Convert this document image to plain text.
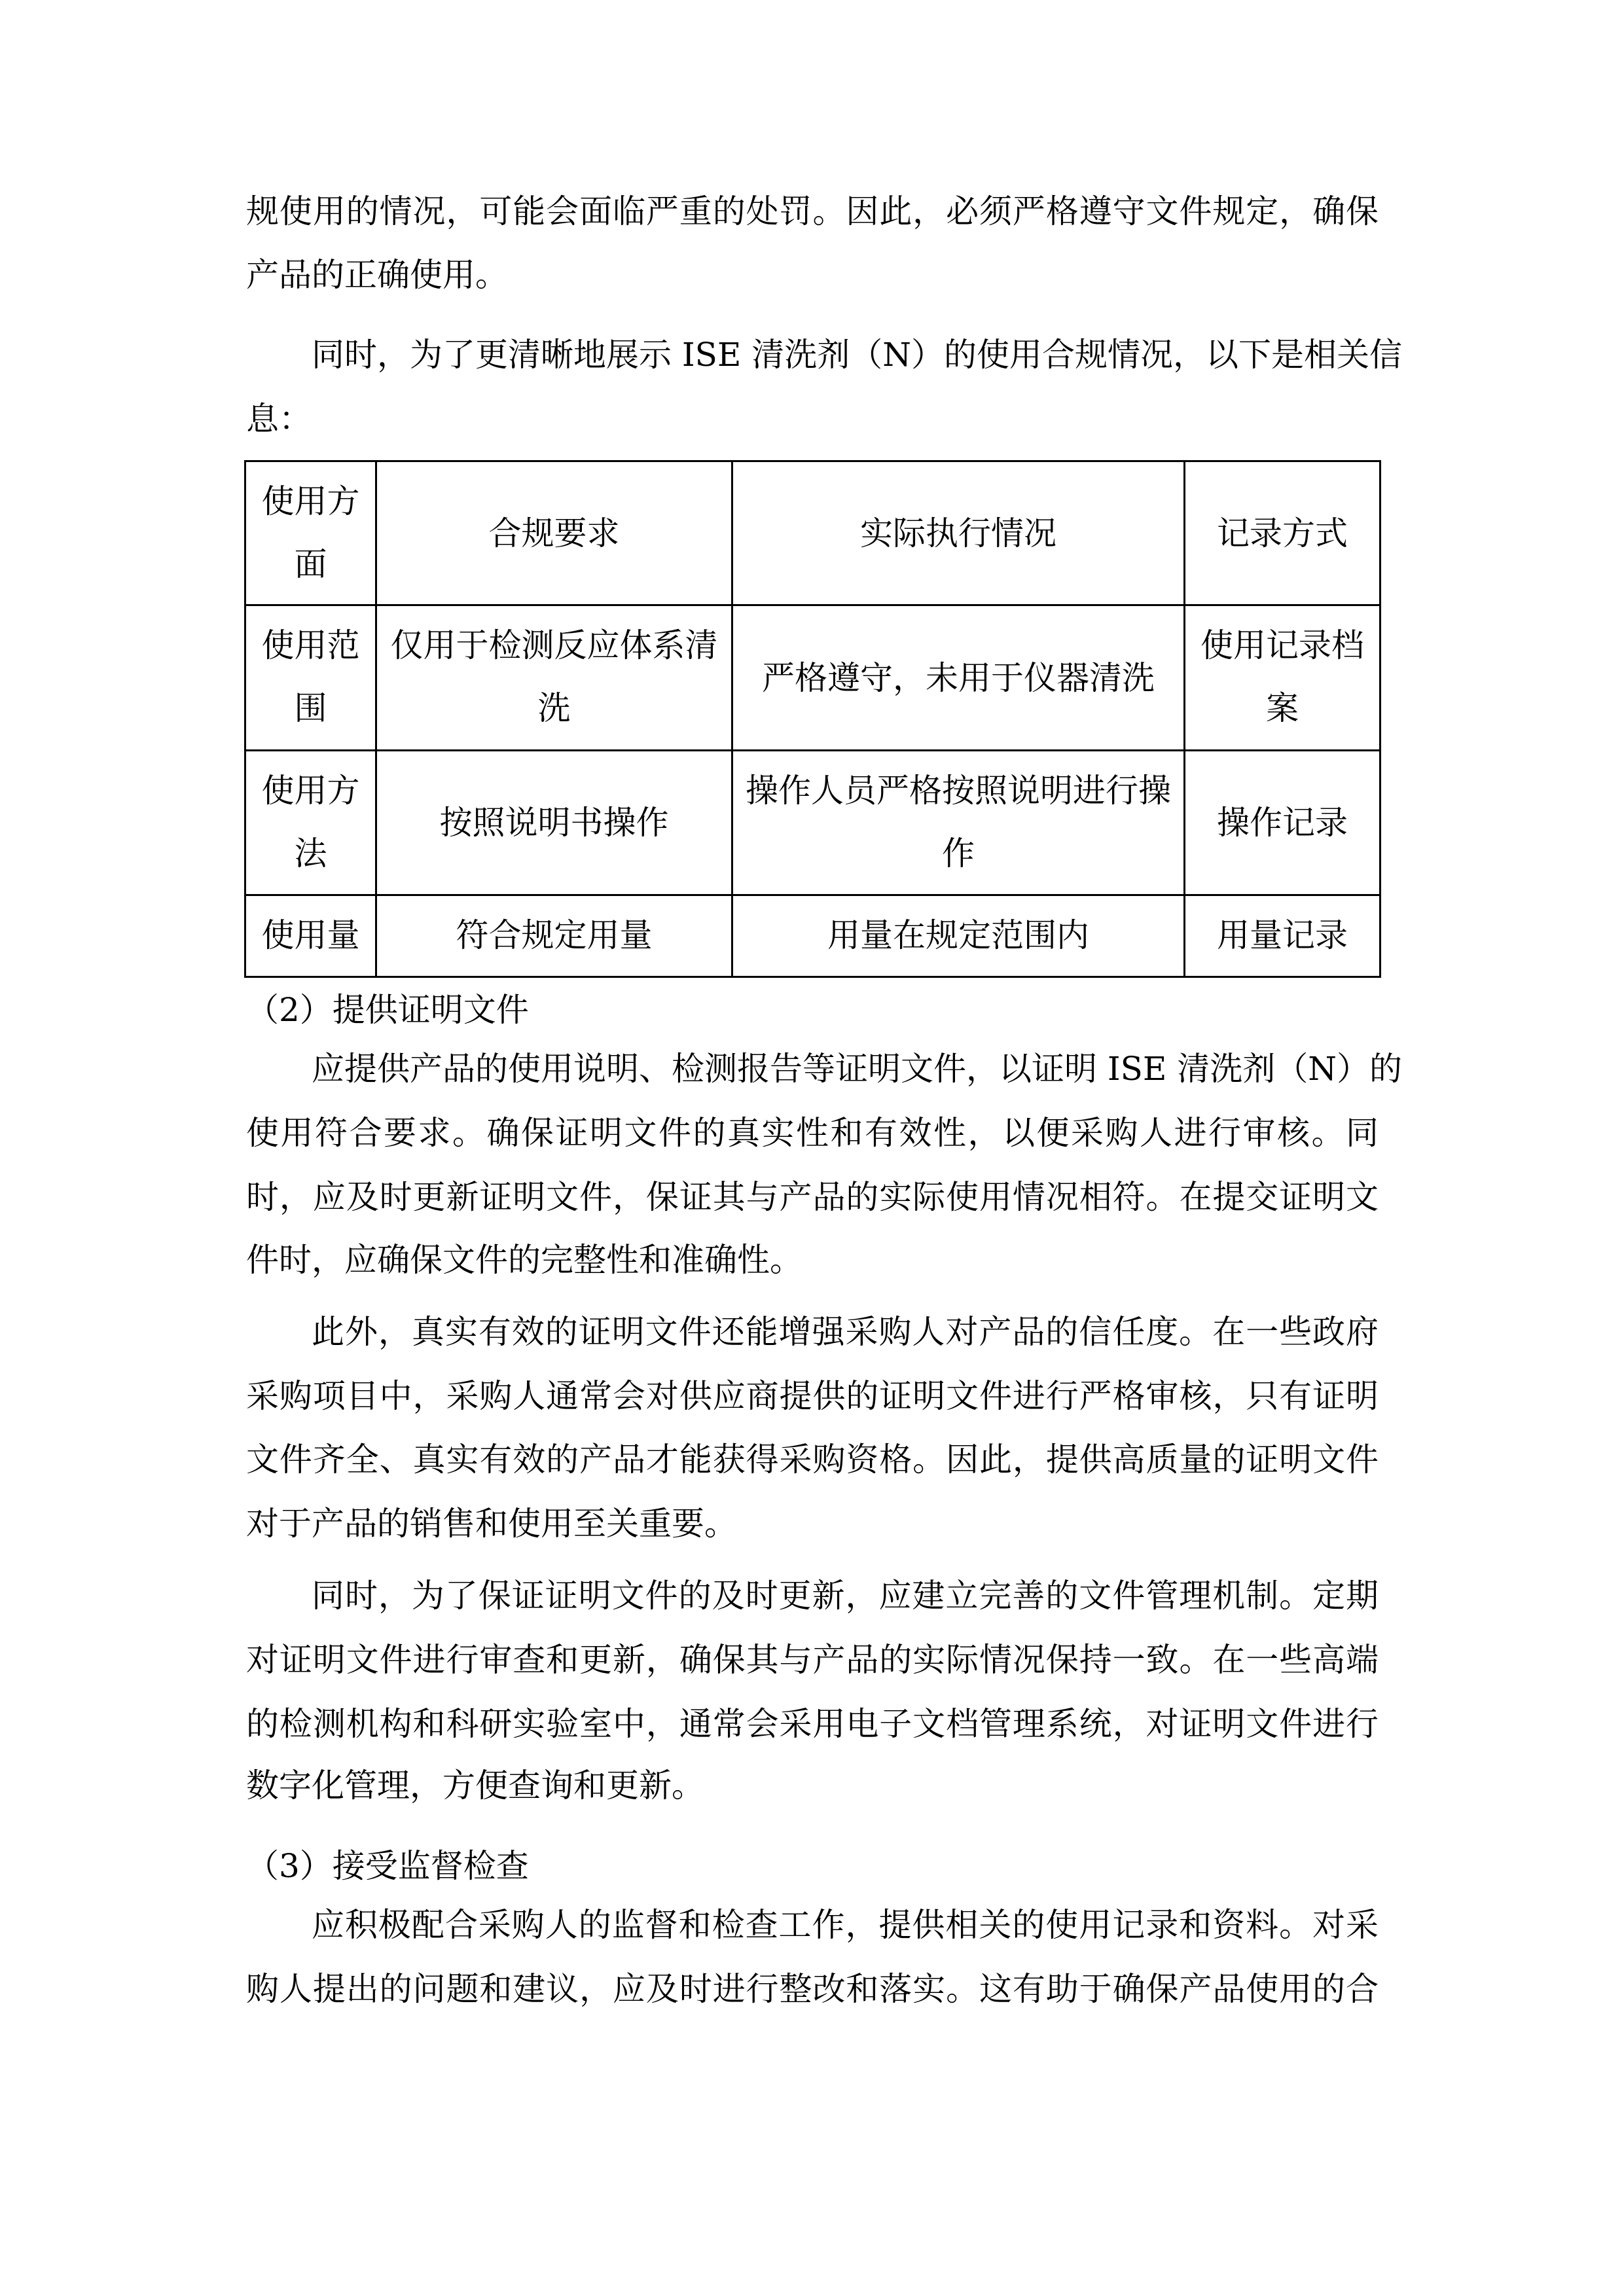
规使用的情况，可能会面临严重的处罚。因此，必须严格遵守文件规定，确保
产品的正确使用。
同时，为了更清晰地展示 ISE 清洗剂（N）的使用合规情况，以下是相关信
息：
使用方
面	合规要求	实际执行情况	记录方式

使用范
围	仅用于检测反应体系清
洗	严格遵守，未用于仪器清洗	使用记录档
案

使用方
法	按照说明书操作	操作人员严格按照说明进行操
作	操作记录

使用量	符合规定用量	用量在规定范围内	用量记录
（2）提供证明文件
应提供产品的使用说明、检测报告等证明文件，以证明 ISE 清洗剂（N）的
使用符合要求。确保证明文件的真实性和有效性，以便采购人进行审核。同
时，应及时更新证明文件，保证其与产品的实际使用情况相符。在提交证明文
件时，应确保文件的完整性和准确性。
此外，真实有效的证明文件还能增强采购人对产品的信任度。在一些政府
采购项目中，采购人通常会对供应商提供的证明文件进行严格审核，只有证明
文件齐全、真实有效的产品才能获得采购资格。因此，提供高质量的证明文件
对于产品的销售和使用至关重要。
同时，为了保证证明文件的及时更新，应建立完善的文件管理机制。定期
对证明文件进行审查和更新，确保其与产品的实际情况保持一致。在一些高端
的检测机构和科研实验室中，通常会采用电子文档管理系统，对证明文件进行
数字化管理，方便查询和更新。
（3）接受监督检查
应积极配合采购人的监督和检查工作，提供相关的使用记录和资料。对采
购人提出的问题和建议，应及时进行整改和落实。这有助于确保产品使用的合
